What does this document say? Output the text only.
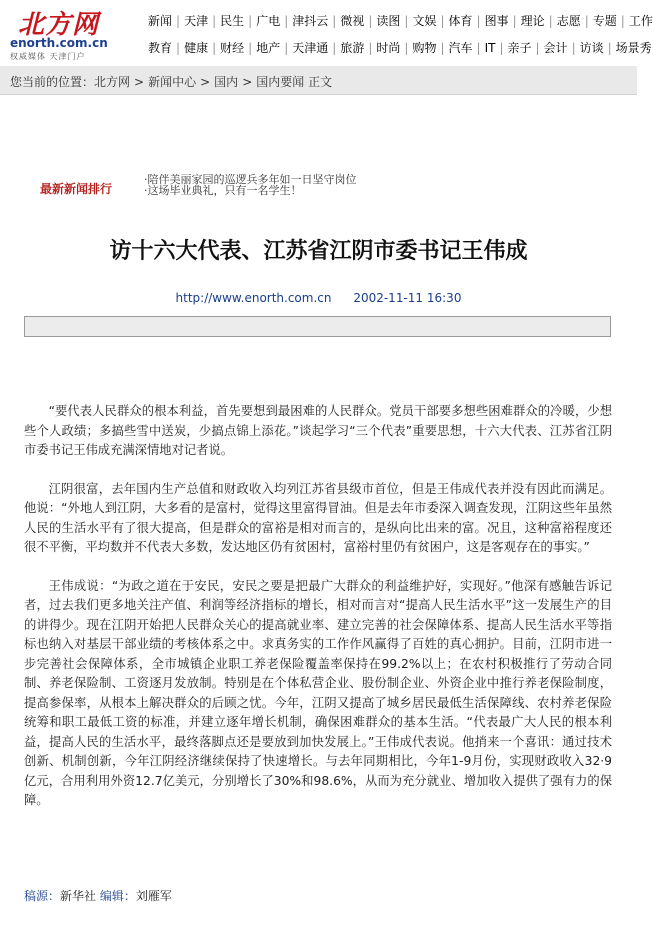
北方网
enorth.com.cn
权威媒体 天津门户
新闻 | 天津 | 民生 | 广电 | 津抖云 | 微视 | 读图 | 文娱 | 体育 | 图事 | 理论 | 志愿 | 专题 | 工作
教育 | 健康 | 财经 | 地产 | 天津通 | 旅游 | 时尚 | 购物 | 汽车 | IT | 亲子 | 会计 | 访谈 | 场景秀
您当前的位置：北方网 > 新闻中心 > 国内 > 国内要闻 正文
最新新闻排行
·陪伴美丽家园的巡逻兵多年如一日坚守岗位
·这场毕业典礼，只有一名学生！
访十六大代表、江苏省江阴市委书记王伟成
http://www.enorth.com.cn 2002-11-11 16:30

“要代表人民群众的根本利益，首先要想到最困难的人民群众。党员干部要多想些困难群众的冷暖，少想些个人政绩；多搞些雪中送炭，少搞点锦上添花。”谈起学习“三个代表”重要思想，十六大代表、江苏省江阴市委书记王伟成充满深情地对记者说。

江阴很富，去年国内生产总值和财政收入均列江苏省县级市首位，但是王伟成代表并没有因此而满足。他说：“外地人到江阴，大多看的是富村，觉得这里富得冒油。但是去年市委深入调查发现，江阴这些年虽然人民的生活水平有了很大提高，但是群众的富裕是相对而言的，是纵向比出来的富。况且，这种富裕程度还很不平衡，平均数并不代表大多数，发达地区仍有贫困村，富裕村里仍有贫困户，这是客观存在的事实。”

王伟成说：“为政之道在于安民，安民之要是把最广大群众的利益维护好，实现好。”他深有感触告诉记者，过去我们更多地关注产值、利润等经济指标的增长，相对而言对“提高人民生活水平”这一发展生产的目的讲得少。现在江阴开始把人民群众关心的提高就业率、建立完善的社会保障体系、提高人民生活水平等指标也纳入对基层干部业绩的考核体系之中。求真务实的工作作风赢得了百姓的真心拥护。目前，江阴市进一步完善社会保障体系，全市城镇企业职工养老保险覆盖率保持在99.2%以上；在农村积极推行了劳动合同制、养老保险制、工资逐月发放制。特别是在个体私营企业、股份制企业、外资企业中推行养老保险制度，提高参保率，从根本上解决群众的后顾之忧。今年，江阴又提高了城乡居民最低生活保障线、农村养老保险统筹和职工最低工资的标准，并建立逐年增长机制，确保困难群众的基本生活。“代表最广大人民的根本利益，提高人民的生活水平，最终落脚点还是要放到加快发展上。”王伟成代表说。他捎来一个喜讯：通过技术创新、机制创新，今年江阴经济继续保持了快速增长。与去年同期相比，今年1-9月份，实现财政收入32·9亿元，合用利用外资12.7亿美元，分别增长了30%和98.6%，从而为充分就业、增加收入提供了强有力的保障。

稿源：新华社 编辑：刘雁军
